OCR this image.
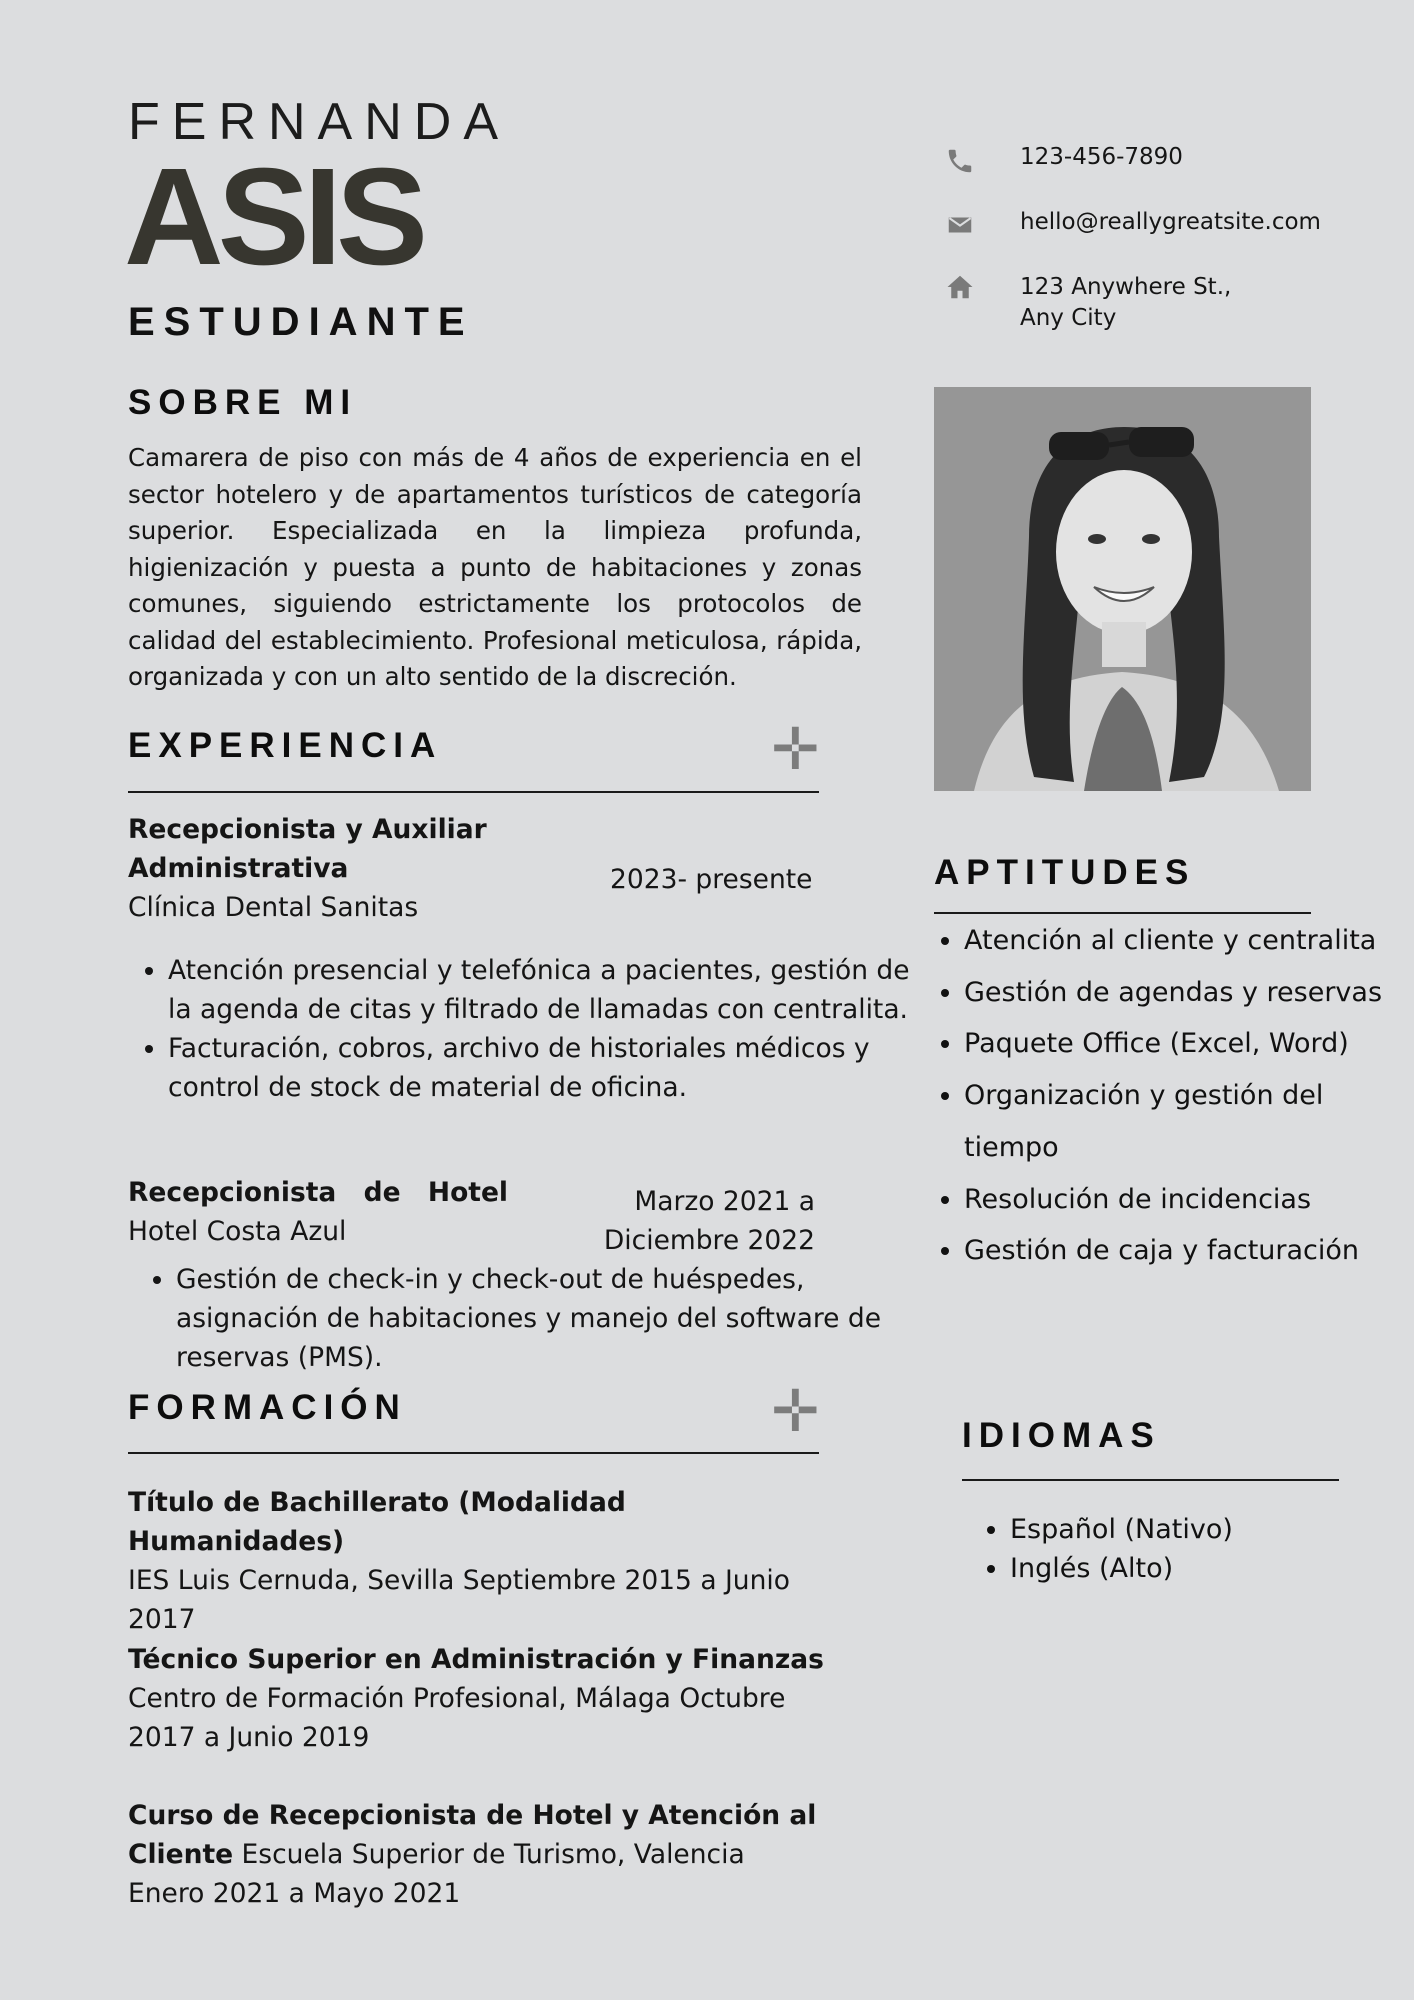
FERNANDA
ASIS
ESTUDIANTE
123-456-7890
hello@reallygreatsite.com
123 Anywhere St.,
Any City
SOBRE MI
Camarera de piso con más de 4 años de experiencia en el sector hotelero y de apartamentos turísticos de categoría superior. Especializada en la limpieza profunda, higienización y puesta a punto de habitaciones y zonas comunes, siguiendo estrictamente los protocolos de calidad del establecimiento. Profesional meticulosa, rápida, organizada y con un alto sentido de la discreción.
EXPERIENCIA	✛
Recepcionista y Auxiliar
Administrativa
Clínica Dental Sanitas
2023- presente
• Atención presencial y telefónica a pacientes, gestión de la agenda de citas y filtrado de llamadas con centralita.
• Facturación, cobros, archivo de historiales médicos y control de stock de material de oficina.
Recepcionista de Hotel
Hotel Costa Azul
Marzo 2021 a
Diciembre 2022
• Gestión de check-in y check-out de huéspedes, asignación de habitaciones y manejo del software de reservas (PMS).
FORMACIÓN	✛
Título de Bachillerato (Modalidad Humanidades)
IES Luis Cernuda, Sevilla Septiembre 2015 a Junio 2017
Técnico Superior en Administración y Finanzas
Centro de Formación Profesional, Málaga Octubre 2017 a Junio 2019
Curso de Recepcionista de Hotel y Atención al Cliente Escuela Superior de Turismo, Valencia Enero 2021 a Mayo 2021
APTITUDES
• Atención al cliente y centralita
• Gestión de agendas y reservas
• Paquete Office (Excel, Word)
• Organización y gestión del tiempo
• Resolución de incidencias
• Gestión de caja y facturación
IDIOMAS
• Español (Nativo)
• Inglés (Alto)
